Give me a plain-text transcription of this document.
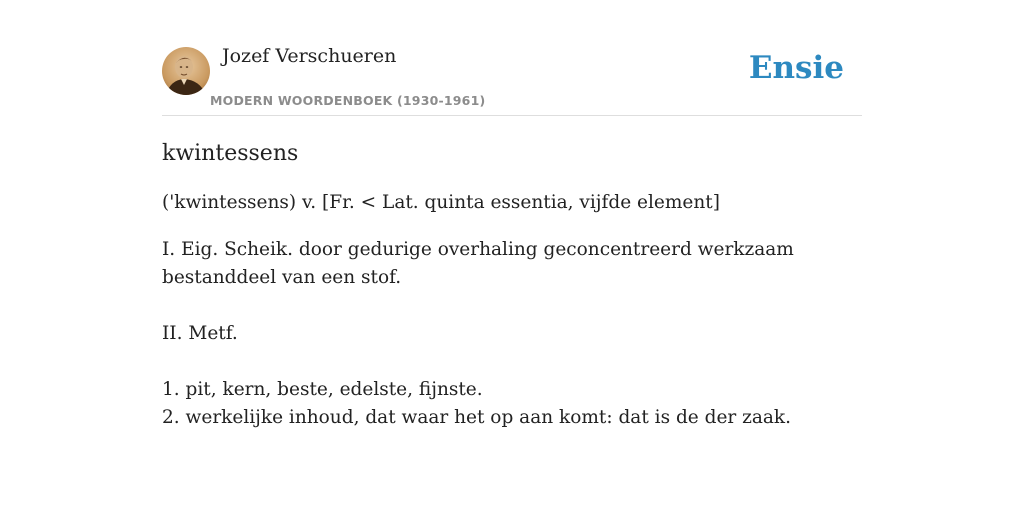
Jozef Verschueren
MODERN WOORDENBOEK (1930-1961)
Ensie
kwintessens

('kwintessens) v. [Fr. < Lat. quinta essentia, vijfde element]

I. Eig. Scheik. door gedurige overhaling geconcentreerd werkzaam bestanddeel van een stof.

II. Metf.

1. pit, kern, beste, edelste, fijnste.
2. werkelijke inhoud, dat waar het op aan komt: dat is de der zaak.
